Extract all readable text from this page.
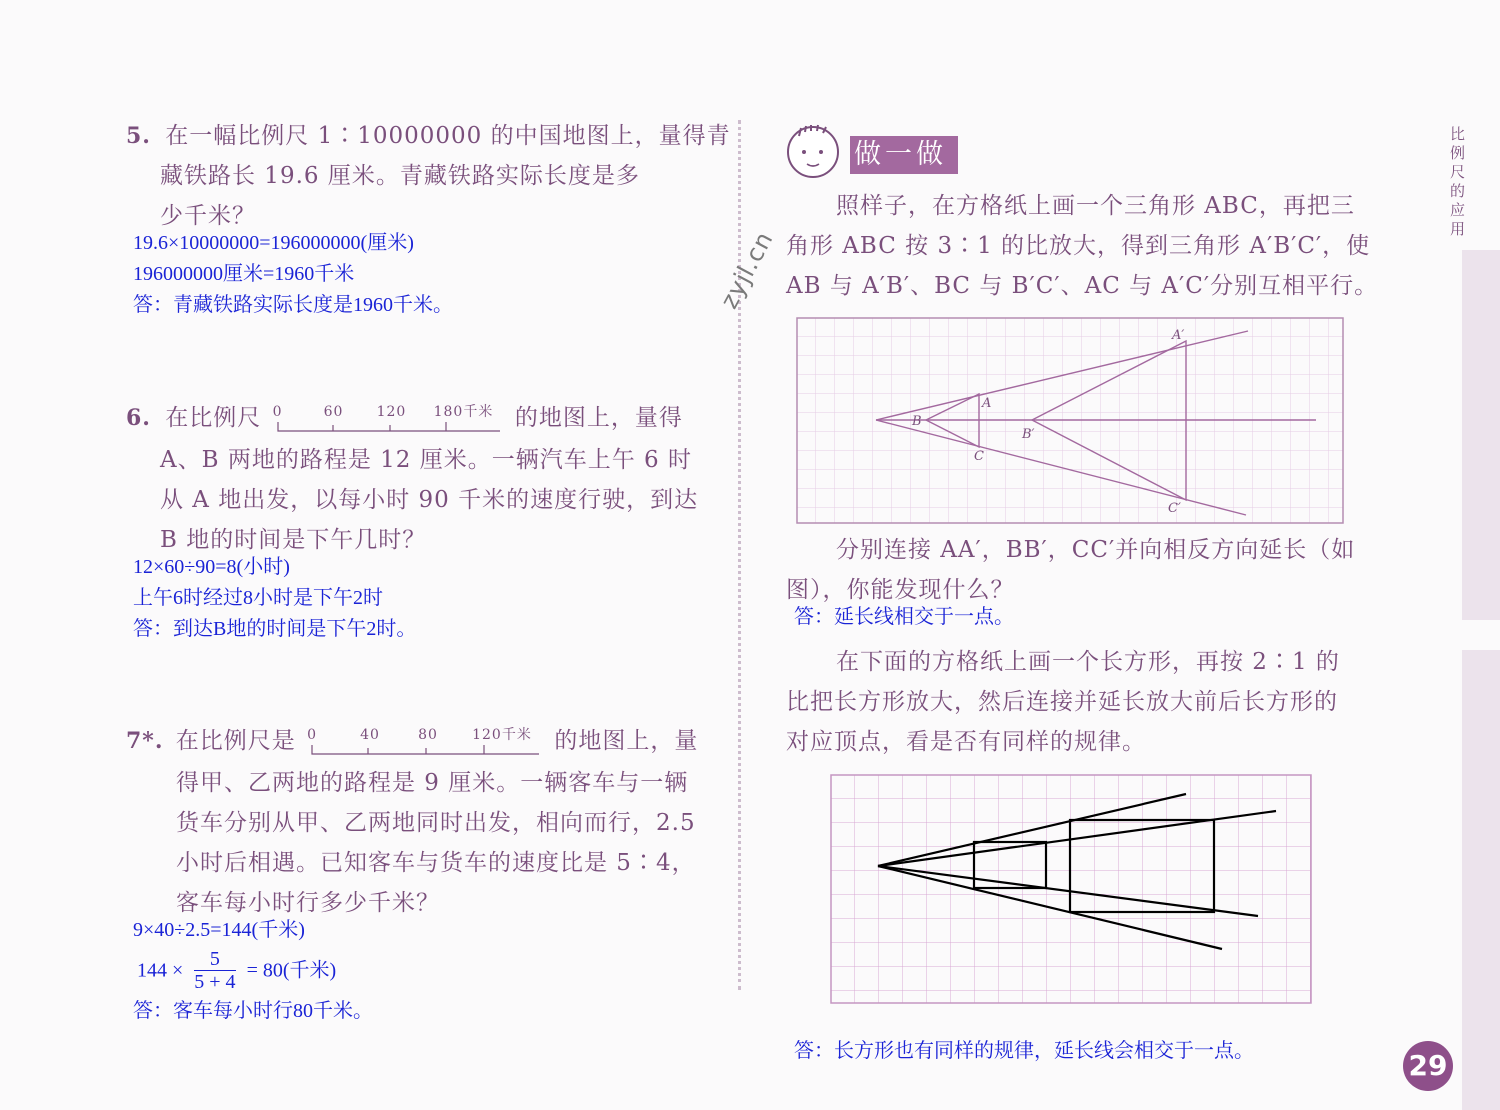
比例尺的应用
zyjl.cn
5. 在一幅比例尺 1∶10000000 的中国地图上，量得青
藏铁路长 19.6 厘米。青藏铁路实际长度是多
少千米？
19.6×10000000=196000000(厘米)
196000000厘米=1960千米
答：青藏铁路实际长度是1960千米。
6. 在比例尺 0	60 120 180千米 的地图上，量得
A、B 两地的路程是 12 厘米。一辆汽车上午 6 时
从 A 地出发，以每小时 90 千米的速度行驶，到达
B 地的时间是下午几时？
12×60÷90=8(小时)
上午6时经过8小时是下午2时
答：到达B地的时间是下午2时。
7*. 在比例尺是 0	40	80 120千米 的地图上，量
得甲、乙两地的路程是 9 厘米。一辆客车与一辆
货车分别从甲、乙两地同时出发，相向而行，2.5
小时后相遇。已知客车与货车的速度比是 5∶4，
客车每小时行多少千米？
9×40÷2.5=144(千米)
$144 \times \frac{5}{5 + 4} = 80$(千米)
答：客车每小时行80千米。
做一做
照样子，在方格纸上画一个三角形 ABC，再把三
角形 ABC 按 3∶1 的比放大，得到三角形 A′B′C′，使
AB 与 A′B′、BC 与 B′C′、AC 与 A′C′分别互相平行。
A′
A
B
B′
C
C′
分别连接 AA′，BB′，CC′并向相反方向延长（如
图），你能发现什么？
答：延长线相交于一点。
在下面的方格纸上画一个长方形，再按 2∶1 的
比把长方形放大，然后连接并延长放大前后长方形的
对应顶点，看是否有同样的规律。
答：长方形也有同样的规律，延长线会相交于一点。	29
